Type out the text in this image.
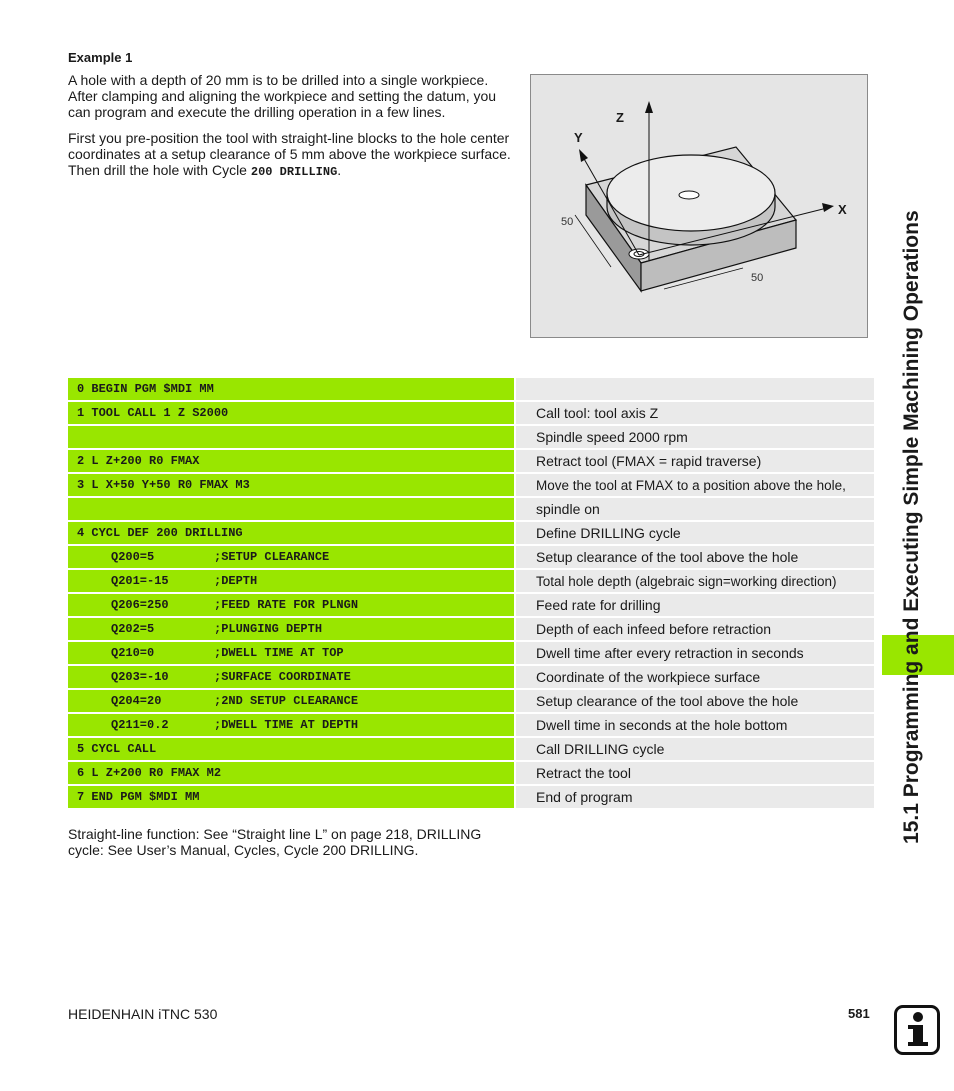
Example 1

A hole with a depth of 20 mm is to be drilled into a single workpiece. After clamping and aligning the workpiece and setting the datum, you can program and execute the drilling operation in a few lines.

First you pre-position the tool with straight-line blocks to the hole center coordinates at a setup clearance of 5 mm above the workpiece surface. Then drill the hole with Cycle 200 DRILLING.

Z
Y
X
50
50
0 BEGIN PGM $MDI MM
1 TOOL CALL 1 Z S2000	Call tool: tool axis Z
Spindle speed 2000 rpm
2 L Z+200 R0 FMAX	Retract tool (FMAX = rapid traverse)
3 L X+50 Y+50 R0 FMAX M3	Move the tool at FMAX to a position above the hole,
spindle on
4 CYCL DEF 200 DRILLING	Define DRILLING cycle
Q200=5	;SETUP CLEARANCE	Setup clearance of the tool above the hole
Q201=-15	;DEPTH	Total hole depth (algebraic sign=working direction)
Q206=250	;FEED RATE FOR PLNGN	Feed rate for drilling
Q202=5	;PLUNGING DEPTH	Depth of each infeed before retraction
Q210=0	;DWELL TIME AT TOP	Dwell time after every retraction in seconds
Q203=-10	;SURFACE COORDINATE	Coordinate of the workpiece surface
Q204=20	;2ND SETUP CLEARANCE	Setup clearance of the tool above the hole
Q211=0.2	;DWELL TIME AT DEPTH	Dwell time in seconds at the hole bottom
5 CYCL CALL	Call DRILLING cycle
6 L Z+200 R0 FMAX M2	Retract the tool
7 END PGM $MDI MM	End of program

Straight-line function: See “Straight line L” on page 218, DRILLING cycle: See User’s Manual, Cycles, Cycle 200 DRILLING.

15.1 Programming and Executing Simple Machining Operations
HEIDENHAIN iTNC 530	581
